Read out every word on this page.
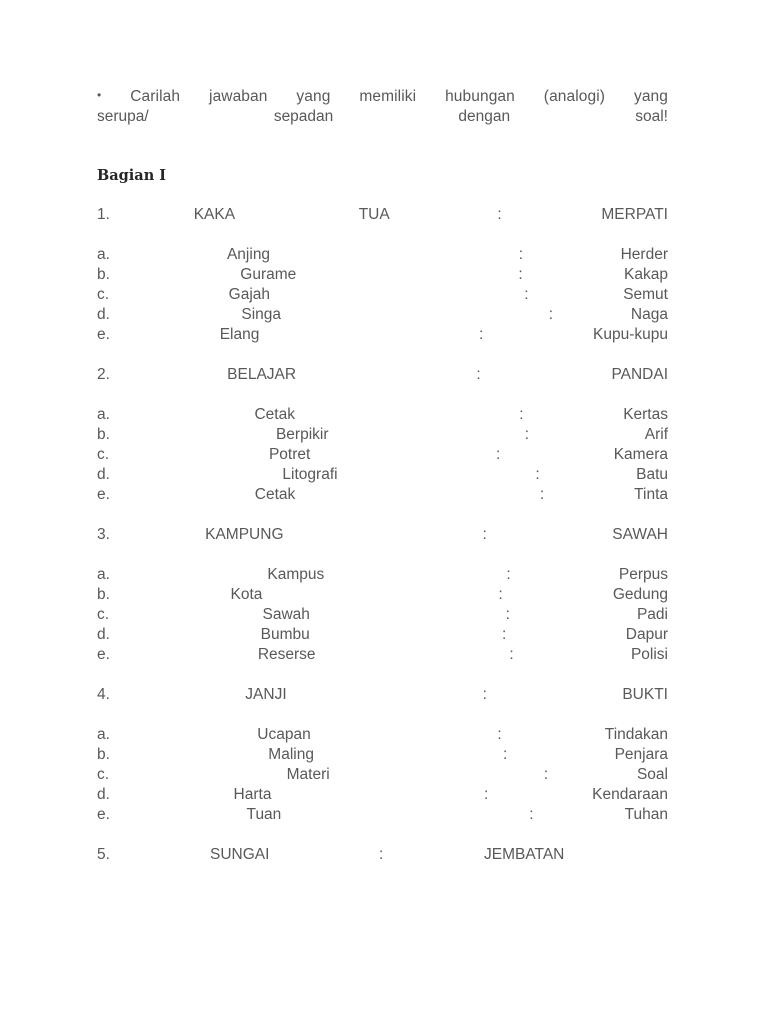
• Carilah jawaban yang memiliki hubungan (analogi) yang
serupa/	sepadan	dengan	soal!
Bagian I
1.	KAKA	TUA	:	MERPATI
a.	Anjing	:	Herder
b.	Gurame	:	Kakap
c.	Gajah	:	Semut
d.	Singa	:	Naga
e.	Elang	:	Kupu-kupu
2.	BELAJAR	:	PANDAI
a.	Cetak	:	Kertas
b.	Berpikir	:	Arif
c.	Potret	:	Kamera
d.	Litografi	:	Batu
e.	Cetak	:	Tinta
3.	KAMPUNG	:	SAWAH
a.	Kampus	:	Perpus
b.	Kota	:	Gedung
c.	Sawah	:	Padi
d.	Bumbu	:	Dapur
e.	Reserse	:	Polisi
4.	JANJI	:	BUKTI
a.	Ucapan	:	Tindakan
b.	Maling	:	Penjara
c.	Materi	:	Soal
d.	Harta	:	Kendaraan
e.	Tuan	:	Tuhan
5.	SUNGAI	:	JEMBATAN
